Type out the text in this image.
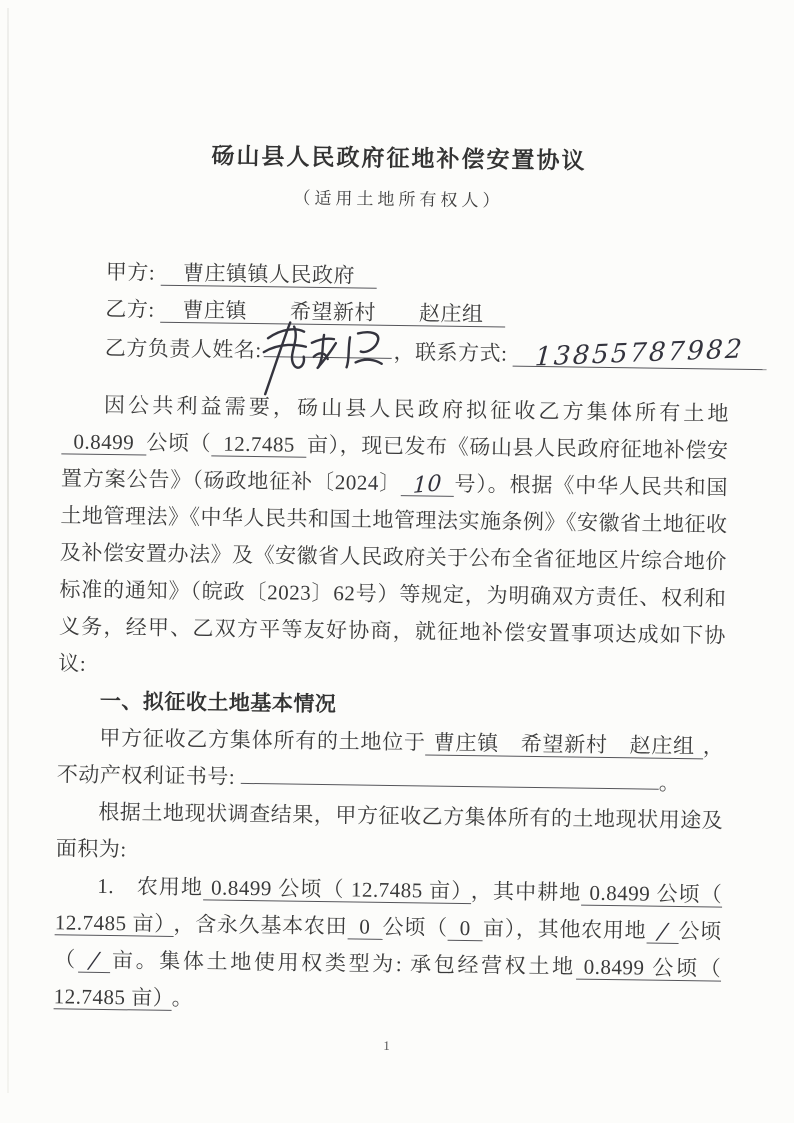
砀山县人民政府征地补偿安置协议
（适用土地所有权人）
甲方: 曹庄镇镇人民政府
乙方: 曹庄镇　　希望新村　　赵庄组
乙方负责人姓名:	，联系方式: 13855787982

因公共利益需要，砀山县人民政府拟征收乙方集体所有土地0.8499 公顷（ 12.7485 亩），现已发布《砀山县人民政府征地补偿安置方案公告》（砀政地征补〔2024〕 10 号）。根据《中华人民共和国土地管理法》《中华人民共和国土地管理法实施条例》《安徽省土地征收及补偿安置办法》及《安徽省人民政府关于公布全省征地区片综合地价标准的通知》（皖政〔2023〕62号）等规定，为明确双方责任、权利和义务，经甲、乙双方平等友好协商，就征地补偿安置事项达成如下协议:

一、拟征收土地基本情况

甲方征收乙方集体所有的土地位于 曹庄镇　希望新村　赵庄组 ，不动产权利证书号:	。

根据土地现状调查结果，甲方征收乙方集体所有的土地现状用途及面积为:

1.　农用地 0.8499 公顷（ 12.7485 亩） ，其中耕地 0.8499 公顷（ 12.7485 亩） ，含永久基本农田 0 公顷（ 0 亩），其他农用地 / 公顷（ / 亩。集体土地使用权类型为: 承包经营权土地 0.8499 公顷（ 12.7485 亩） 。

1
